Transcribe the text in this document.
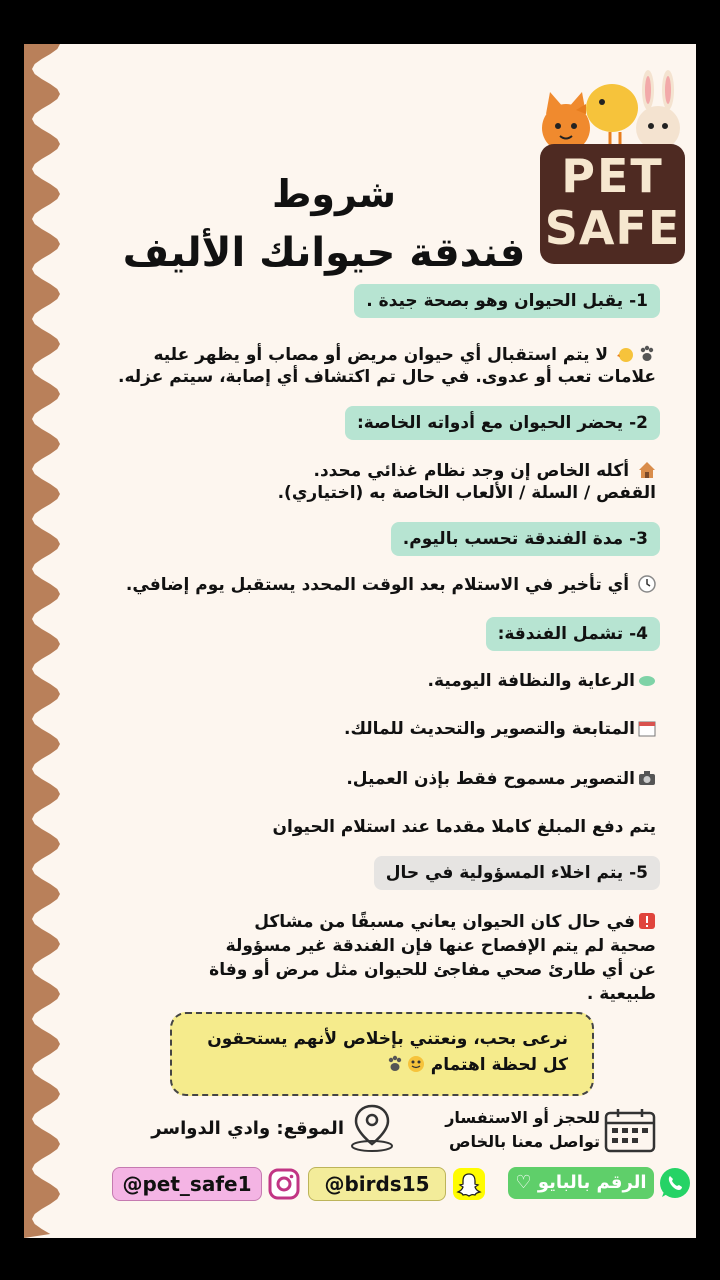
شروط
فندقة حيوانك الأليف
PET
SAFE
1- يقبل الحيوان وهو بصحة جيدة .
لا يتم استقبال أي حيوان مريض أو مصاب أو يظهر عليه
علامات تعب أو عدوى. في حال تم اكتشاف أي إصابة، سيتم عزله.
2- يحضر الحيوان مع أدواته الخاصة:
أكله الخاص إن وجد نظام غذائي محدد.
القفص / السلة / الألعاب الخاصة به (اختياري).
3- مدة الفندقة تحسب باليوم.
أي تأخير في الاستلام بعد الوقت المحدد يستقبل يوم إضافي.
4- تشمل الفندقة:
الرعاية والنظافة اليومية.
المتابعة والتصوير والتحديث للمالك.
التصوير مسموح فقط بإذن العميل.
يتم دفع المبلغ كاملا مقدما عند استلام الحيوان
5- يتم اخلاء المسؤولية في حال
في حال كان الحيوان يعاني مسبقًا من مشاكل
صحية لم يتم الإفصاح عنها فإن الفندقة غير مسؤولة
عن أي طارئ صحي مفاجئ للحيوان مثل مرض أو وفاة
طبيعية .
نرعى بحب، ونعتني بإخلاص لأنهم يستحقون
كل لحظة اهتمام
للحجز أو الاستفسار
تواصل معنا بالخاص
الموقع: وادي الدواسر
@pet_safe1	@birds15	الرقم بالبايو ♡
